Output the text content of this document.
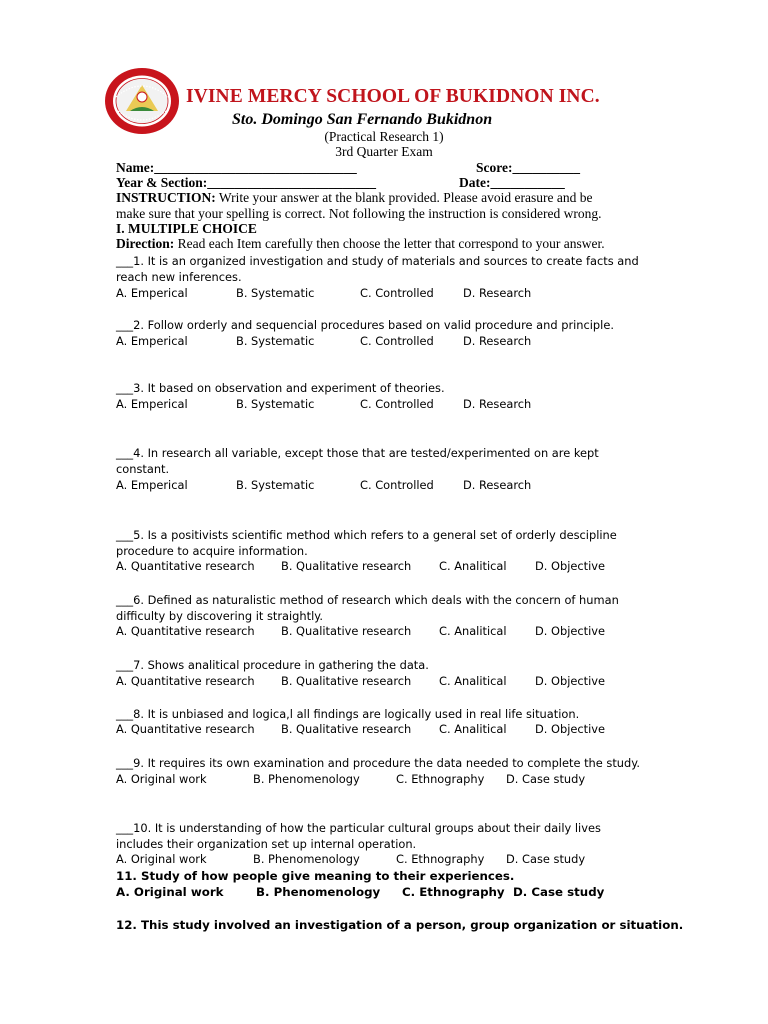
IVINE MERCY SCHOOL OF BUKIDNON INC.
Sto. Domingo San Fernando Bukidnon
(Practical Research 1)
3rd Quarter Exam
Name:______________________________	Score:__________
Year & Section:_________________________	Date:___________
INSTRUCTION: Write your answer at the blank provided. Please avoid erasure and be
make sure that your spelling is correct. Not following the instruction is considered wrong.
I. MULTIPLE CHOICE
Direction: Read each Item carefully then choose the letter that correspond to your answer.
___1. It is an organized investigation and study of materials and sources to create facts and
reach new inferences.
A. Emperical	B. Systematic	C. Controlled	D. Research
___2. Follow orderly and sequencial procedures based on valid procedure and principle.
A. Emperical	B. Systematic	C. Controlled	D. Research
___3. It based on observation and experiment of theories.
A. Emperical	B. Systematic	C. Controlled	D. Research
___4. In research all variable, except those that are tested/experimented on are kept
constant.
A. Emperical	B. Systematic	C. Controlled	D. Research
___5. Is a positivists scientific method which refers to a general set of orderly descipline
procedure to acquire information.
A. Quantitative research B. Qualitative research C. Analitical D. Objective
___6. Defined as naturalistic method of research which deals with the concern of human
difficulty by discovering it straightly.
A. Quantitative research B. Qualitative research C. Analitical D. Objective
___7. Shows analitical procedure in gathering the data.
A. Quantitative research B. Qualitative research C. Analitical D. Objective
___8. It is unbiased and logica,l all findings are logically used in real life situation.
A. Quantitative research B. Qualitative research C. Analitical D. Objective
___9. It requires its own examination and procedure the data needed to complete the study.
A. Original work	B. Phenomenology	C. Ethnography D. Case study
___10. It is understanding of how the particular cultural groups about their daily lives
includes their organization set up internal operation.
A. Original work	B. Phenomenology	C. Ethnography D. Case study
11. Study of how people give meaning to their experiences.
A. Original work	B. Phenomenology C. Ethnography D. Case study
12. This study involved an investigation of a person, group organization or situation.
